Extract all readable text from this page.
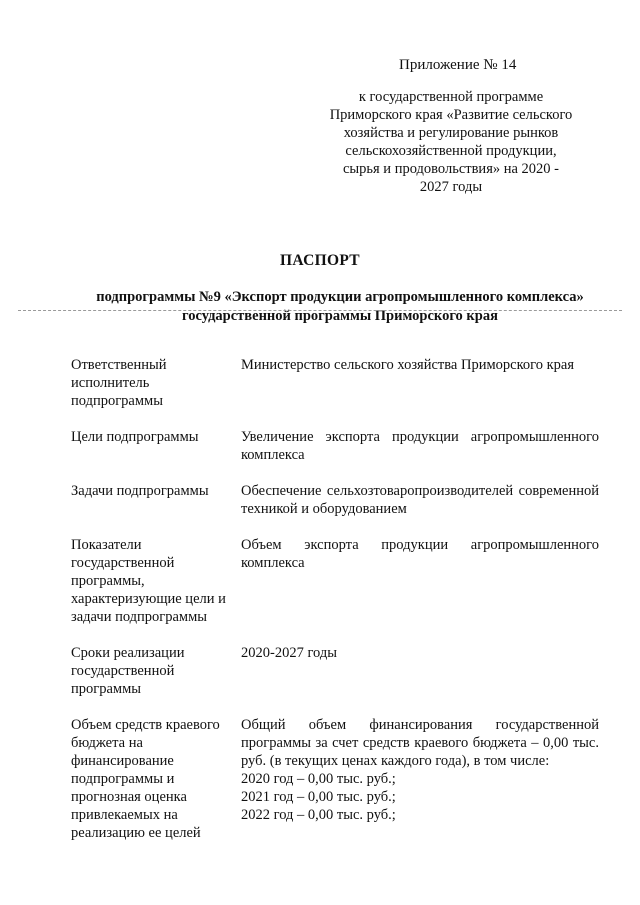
Приложение № 14
к государственной программе
Приморского края «Развитие сельского
хозяйства и регулирование рынков
сельскохозяйственной продукции,
сырья и продовольствия» на 2020 -
2027 годы
ПАСПОРТ
подпрограммы №9 «Экспорт продукции агропромышленного комплекса»
государственной программы Приморского края
Ответственный исполнитель подпрограммы
Министерство сельского хозяйства Приморского края
Цели подпрограммы	Увеличение экспорта продукции агропромышленного комплекса
Задачи подпрограммы	Обеспечение сельхозтоваропроизводителей современной техникой и оборудованием
Показатели государственной программы, характеризующие цели и задачи подпрограммы
Объем экспорта продукции агропромышленного комплекса
Сроки реализации государственной программы
2020-2027 годы
Объем средств краевого бюджета на финансирование подпрограммы и прогнозная оценка привлекаемых на реализацию ее целей
Общий объем финансирования государственной программы за счет средств краевого бюджета – 0,00 тыс. руб. (в текущих ценах каждого года), в том числе:
2020 год – 0,00 тыс. руб.;
2021 год – 0,00 тыс. руб.;
2022 год – 0,00 тыс. руб.;
